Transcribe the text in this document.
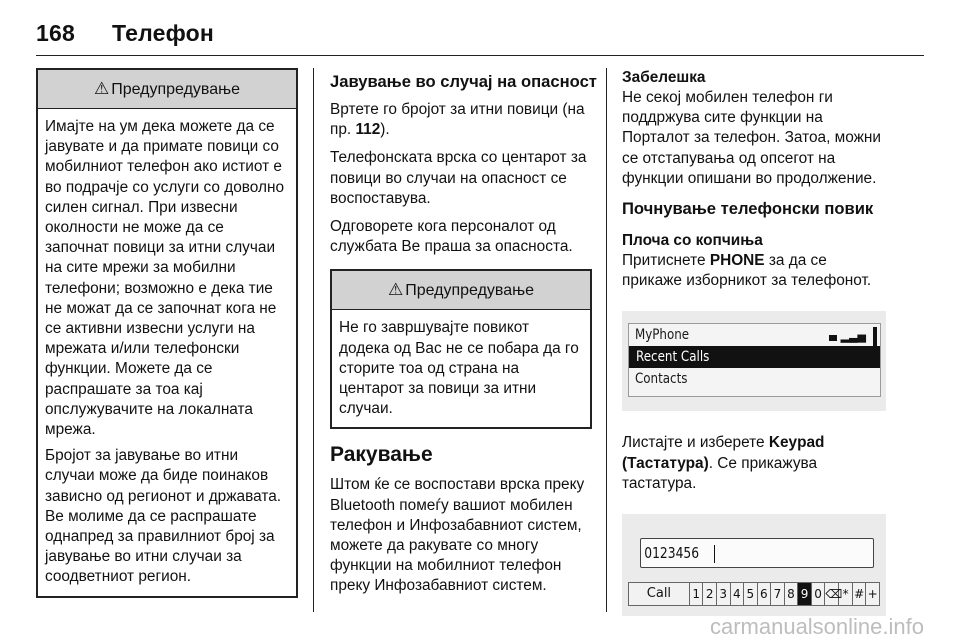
168 Телефон
⚠ Предупредување

Имајте на ум дека можете да се јавувате и да примате повици со мобилниот телефон ако истиот е во подрачје со услуги со доволно силен сигнал. При извесни околности не може да се започнат повици за итни случаи на сите мрежи за мобилни телефони; возможно е дека тие не можат да се започнат кога не се активни извесни услуги на мрежата и/или телефонски функции. Можете да се распрашате за тоа кај опслужувачите на локалната мрежа.

Бројот за јавување во итни случаи може да биде поинаков зависно од регионот и државата. Ве молиме да се распрашате однапред за правилниот број за јавување во итни случаи за соодветниот регион.

Јавување во случај на опасност

Вртете го бројот за итни повици (на пр. 112).

Телефонската врска со центарот за повици во случаи на опасност се воспоставува.

Одговорете кога персоналот од службата Ве праша за опасноста.

⚠ Предупредување

Не го завршувајте повикот додека од Вас не се побара да го сторите тоа од страна на центарот за повици за итни случаи.

Ракување

Штом ќе се воспостави врска преку Bluetooth помеѓу вашиот мобилен телефон и Инфозабавниот систем, можете да ракувате со многу функции на мобилниот телефон преку Инфозабавниот систем.

Забелешка

Не секој мобилен телефон ги поддржува сите функции на Порталот за телефон. Затоа, можни се отстапувања од опсегот на функции опишани во продолжение.

Почнување телефонски повик
Плоча со копчиња

Притиснете PHONE за да се прикаже изборникот за телефонот.

MyPhone	▂▃▅
Recent Calls
Contacts

Листајте и изберете Keypad (Тастатура). Се прикажува тастатура.

0123456
Call	1 2 3 4 5 6 7 8 9 0 ⌫ * # +
carmanualsonline.info
